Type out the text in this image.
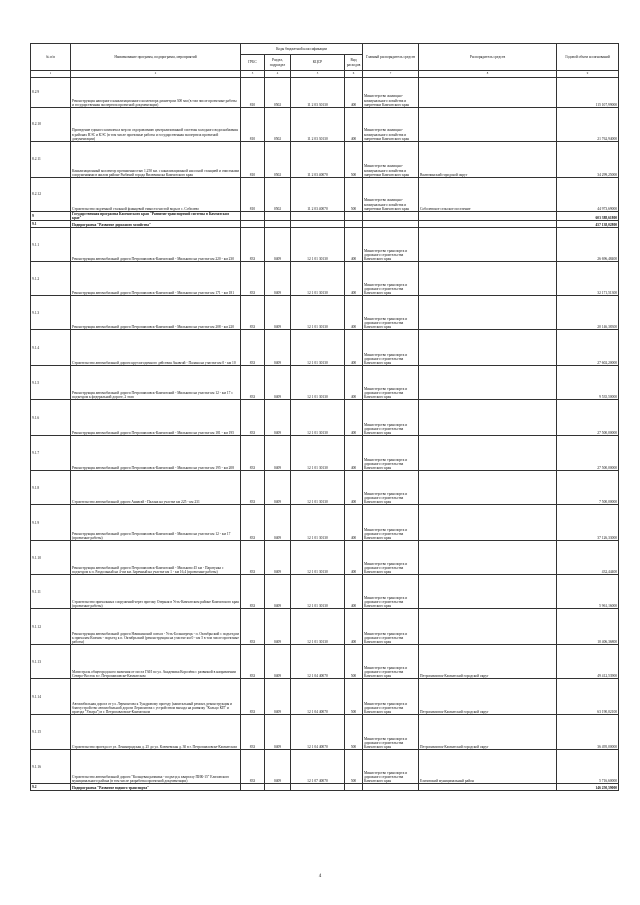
№ п/п	Наименование программ, подпрограмм, мероприятий	Коды бюджетной классификации				Главный распорядитель средств	Распорядитель средств	Годовой объем ассигнований
		ГРБС	Раздел, подраздел	КЦСР	Вид расходов			
1	2	3	4	5	6	7	8	9
8.2.9	Реконструкция напорного канализационного коллектора диаметром 300 мм (в том числе проектные работы и государственная экспертиза проектной документации)	810	0502	11 2 03 30130	400	Министерство жилищно-коммунального хозяйства и энергетики Камчатского края		115 107,99000
8.2.10	Проведение единого комплекса мер по оздоровлению централизованной системы холодного водоснабжения в районах ВЭС и КЭС (в том числе проектные работы и государственная экспертиза проектной документации)	810	0502	11 2 03 30130	400	Министерство жилищно-коммунального хозяйства и энергетики Камчатского края		21 762,94000
8.2.11	Канализационный коллектор протяженностью 1,250 км. с канализационной насосной станцией и очистными сооружениями в жилом районе Рыбачий города Вилючинска Камчатского края	810	0502	11 2 03 40070	500	Министерство жилищно-коммунального хозяйства и энергетики Камчатского края	Вилючинский городской округ	34 299,25000
8.2.12	Строительство подземной стальной фланцевой емкости чистой воды в с. Соболево	810	0502	11 2 03 40070	500	Министерство жилищно-коммунального хозяйства и энергетики Камчатского края	Соболевское сельское поселение	44 973,69000
9	Государственная программа Камчатского края "Развитие транспортной системы в Камчатском крае"							603 388,61800
9.1	Подпрограмма "Развитие дорожного хозяйства"							457 138,02800
9.1.1	Реконструкция автомобильной дороги Петропавловск-Камчатский - Мильково на участке км 220 - км 230	833	0409	12 1 01 30130	400	Министерство транспорта и дорожного строительства Камчатского края		26 696,48400
9.1.2	Реконструкция автомобильной дороги Петропавловск-Камчатский - Мильково на участке км 171 - км 181	833	0409	12 1 01 30130	400	Министерство транспорта и дорожного строительства Камчатского края		32 171,51300
9.1.3	Реконструкция автомобильной дороги Петропавловск-Камчатский - Мильково на участке км 208 - км 220	833	0409	12 1 01 30130	400	Министерство транспорта и дорожного строительства Камчатского края		20 146,38300
9.1.4	Строительство автомобильной дороги круглогодичного действия Анавгай - Палана на участке км 0 - км 10	833	0409	12 1 01 30130	400	Министерство транспорта и дорожного строительства Камчатского края		27 602,20000
9.1.5	Реконструкция автомобильной дороги Петропавловск-Камчатский - Мильково на участке км 12 - км 17 с подъездом к федеральной дороге, 2 этап	833	0409	12 1 01 30130	400	Министерство транспорта и дорожного строительства Камчатского края		9 535,50000
9.1.6	Реконструкция автомобильной дороги Петропавловск-Камчатский - Мильково на участке км 181 - км 195	833	0409	12 1 01 30130	400	Министерство транспорта и дорожного строительства Камчатского края		27 500,00000
9.1.7	Реконструкция автомобильной дороги Петропавловск-Камчатский - Мильково на участке км 195 - км 208	833	0409	12 1 01 30130	400	Министерство транспорта и дорожного строительства Камчатского края		27 500,00000
9.1.8	Строительство автомобильной дороги Анавгай - Палана на участке км 225 - км 231	833	0409	12 1 01 30130	400	Министерство транспорта и дорожного строительства Камчатского края		7 500,00000
9.1.9	Реконструкция автомобильной дороги Петропавловск-Камчатский - Мильково на участке км 12 - км 17 (проектные работы)	833	0409	12 1 01 30130	400	Министерство транспорта и дорожного строительства Камчатского края		37 126,33000
9.1.10	Реконструкция автомобильной дороги Петропавловск-Камчатский - Мильково 45 км - Паратунка с подъездом к п. Раздольный на 4-ом км. Заречный на участке км 1 - км 16,4 (проектные работы)	833	0409	12 1 01 30130	400	Министерство транспорта и дорожного строительства Камчатского края		432,44400
9.1.11	Строительство причальных сооружений через протоку Озерная в Усть-Камчатском районе Камчатского края (проектные работы)	833	0409	12 1 01 30130	400	Министерство транспорта и дорожного строительства Камчатского края		5 961,16000
9.1.12	Реконструкция автомобильной дороги Начикинский совхоз - Усть-Большерецк - п. Октябрьский с подъездом к причалам Кихчик - подъезд к п. Октябрьский (реконструкция на участке км 0 - км 5 в том числе проектные работы)	833	0409	12 1 01 30130	400	Министерство транспорта и дорожного строительства Камчатского края		10 406,36800
9.1.13	Магистраль общегородского значения от поста ГАИ по ул. Академика Королёва с развязкой в направлении Северо-Восток в г. Петропавловске-Камчатском	833	0409	12 1 04 40070	500	Министерство транспорта и дорожного строительства Камчатского края	Петропавловск-Камчатский городской округ	49 412,53900
9.1.14	Автомобильная дорога от ул. Лермонтова к Тундровому проезду (капитальный ремонт, реконструкция и благоустройство автомобильной дороги Лермонтова с устройством выхода на развязку "Кольцо КП" и проезда "Ультра") в г. Петропавловске-Камчатском	833	0409	12 1 04 40070	500	Министерство транспорта и дорожного строительства Камчатского края	Петропавловск-Камчатский городской округ	63 190,02100
9.1.15	Строительство проезда от ул. Ленинградская д. 25 до ул. Ключевская д. 30 в г. Петропавловске-Камчатском	833	0409	12 1 04 40070	500	Министерство транспорта и дорожного строительства Камчатского края	Петропавловск-Камчатский городской округ	36 495,00000
9.1.16	Строительство автомобильной дороги "Кольцевая развязка - подъезд к кварталу ПИК-15" Елизовского муниципального района (в том числе разработка проектной документации)	833	0409	12 1 07 40070	500	Министерство транспорта и дорожного строительства Камчатского края	Елизовский муниципальный район	5 716,60000
9.2	Подпрограмма "Развитие водного транспорта"							146 250,59000
4
